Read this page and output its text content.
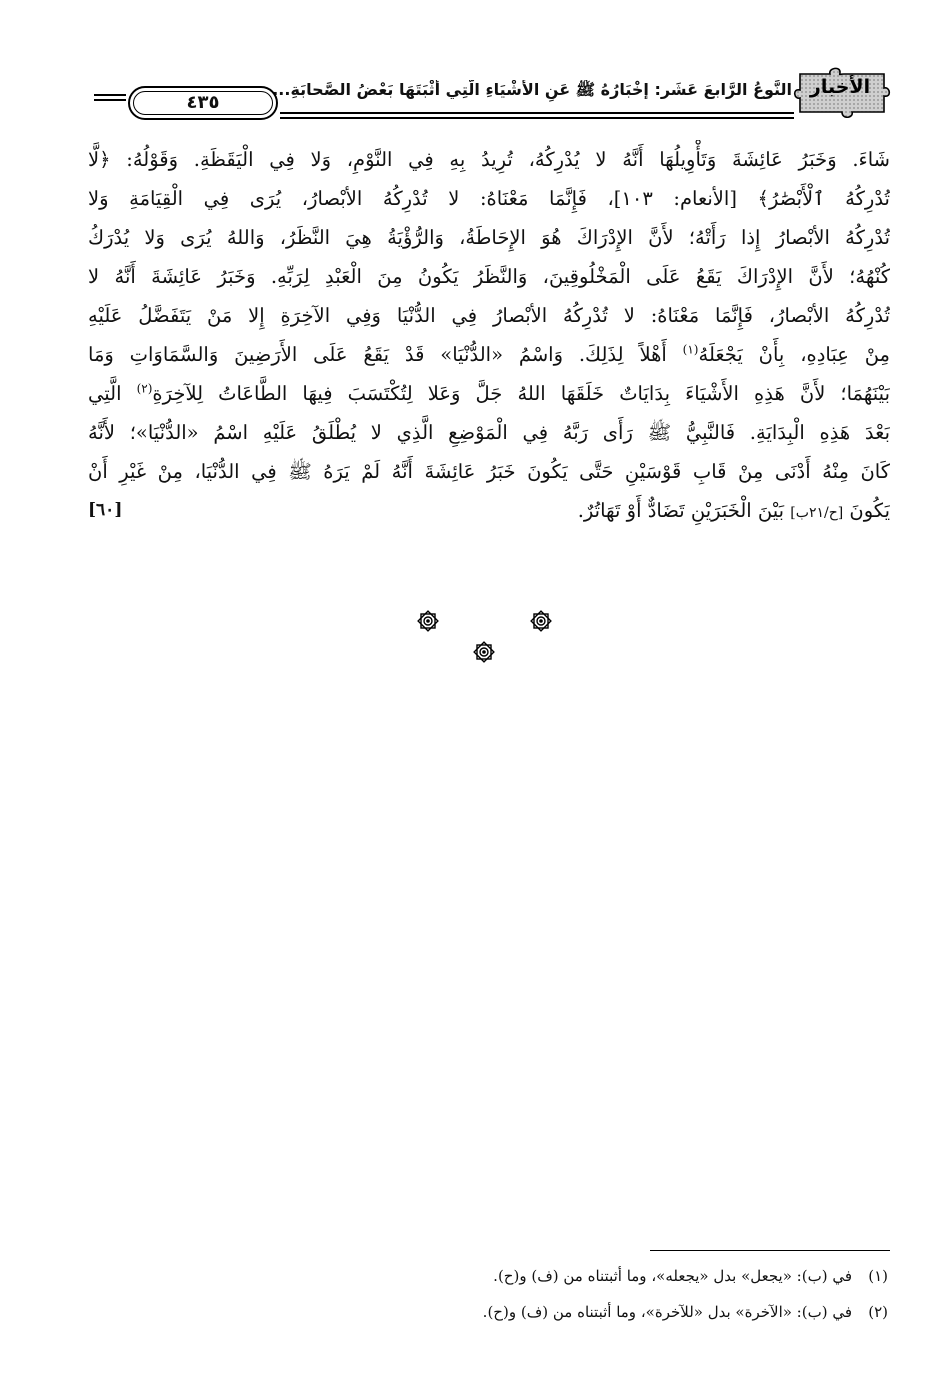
الأخبار
النَّوعُ الرَّابعَ عَشَر: إخْبَارُهُ ﷺ عَنِ الأشْيَاءِ الَّتِي أَثْبَتَهَا بَعْضُ الصَّحابَةِ...
٤٣٥
شَاءَ. وَخَبَرُ عَائِشَةَ وَتَأْوِيلُهَا أَنَّهُ لا يُدْرِكُهُ، تُرِيدُ بِهِ فِي النَّوْمِ، وَلا فِي الْيَقَظَةِ. وَقَوْلُهُ: ﴿لَّا
تُدْرِكُهُ ٱلْأَبْصَٰرُ﴾ [الأنعام: ١٠٣]، فَإِنَّمَا مَعْنَاهُ: لا تُدْرِكُهُ الأبْصارُ، يُرَى فِي الْقِيَامَةِ وَلا
تُدْرِكُهُ الأبْصارُ إِذا رَأَتْهُ؛ لأَنَّ الإِدْرَاكَ هُوَ الإِحَاطَةُ، وَالرُّؤْيَةُ هِيَ النَّظَرُ، وَاللهُ يُرَى وَلا يُدْرَكُ
كُنْهُهُ؛ لأَنَّ الإِدْرَاكَ يَقَعُ عَلَى الْمَخْلُوقِينَ، وَالنَّظَرُ يَكُونُ مِنَ الْعَبْدِ لِرَبِّهِ. وَخَبَرُ عَائِشَةَ أَنَّهُ لا
تُدْرِكُهُ الأبْصارُ، فَإِنَّمَا مَعْنَاهُ: لا تُدْرِكُهُ الأبْصارُ فِي الدُّنْيَا وَفِي الآخِرَةِ إِلا مَنْ يَتَفَضَّلُ عَلَيْهِ
مِنْ عِبَادِهِ، بِأَنْ يَجْعَلَهُ$^{(١)}$ أَهْلاً لِذَلِكَ. وَاسْمُ «الدُّنْيَا» قَدْ يَقَعُ عَلَى الأَرَضِينَ وَالسَّمَاوَاتِ وَمَا
بَيْنَهُمَا؛ لأَنَّ هَذِهِ الأَشْيَاءَ بِدَايَاتٌ خَلَقَهَا اللهُ جَلَّ وَعَلا لِتُكْتَسَبَ فِيهَا الطَّاعَاتُ لِلآخِرَةِ$^{(٢)}$ الَّتِي
بَعْدَ هَذِهِ الْبِدَايَةِ. فَالنَّبِيُّ ﷺ رَأَى رَبَّهُ فِي الْمَوْضِعِ الَّذِي لا يُطْلَقُ عَلَيْهِ اسْمُ «الدُّنْيَا»؛ لأَنَّهُ
كَانَ مِنْهُ أَدْنَى مِنْ قَابِ قَوْسَيْنِ حَتَّى يَكُونَ خَبَرُ عَائِشَةَ أَنَّهُ لَمْ يَرَهُ ﷺ فِي الدُّنْيَا، مِنْ غَيْرِ أَنْ
يَكُونَ [ح/٢١ب] بَيْنَ الْخَبَرَيْنِ تَضَادٌّ أَوْ تَهَاتُرٌ.
[٦٠]
(١)في (ب): «يجعل» بدل «يجعله»، وما أثبتناه من (ف) و(ح).
(٢)في (ب): «الآخرة» بدل «للآخرة»، وما أثبتناه من (ف) و(ح).
